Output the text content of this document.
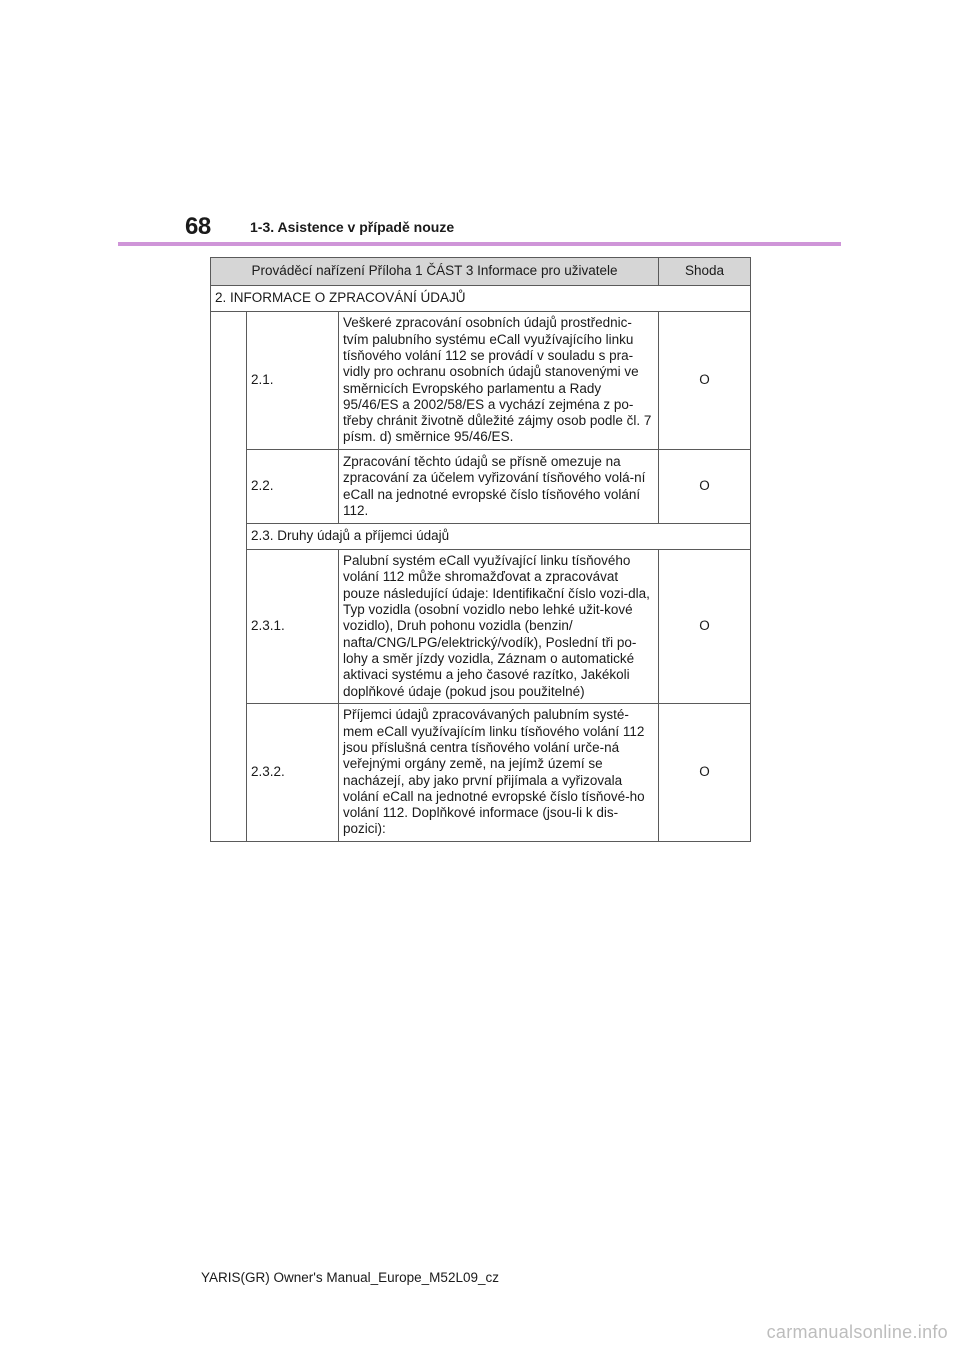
68	1-3. Asistence v případě nouze
Prováděcí nařízení Příloha 1 ČÁST 3 Informace pro uživatele			Shoda
2. INFORMACE O ZPRACOVÁNÍ ÚDAJŮ			
	2.1.	Veškeré zpracování osobních údajů prostřednic-tvím palubního systému eCall využívajícího linku tísňového volání 112 se provádí v souladu s pra-vidly pro ochranu osobních údajů stanovenými ve směrnicích Evropského parlamentu a Rady 95/46/ES a 2002/58/ES a vychází zejména z po-třeby chránit životně důležité zájmy osob podle čl. 7 písm. d) směrnice 95/46/ES.	O
	2.2.	Zpracování těchto údajů se přísně omezuje na zpracování za účelem vyřizování tísňového volá-ní eCall na jednotné evropské číslo tísňového volání 112.	O
	2.3. Druhy údajů a příjemci údajů		
	2.3.1.	Palubní systém eCall využívající linku tísňového volání 112 může shromažďovat a zpracovávat pouze následující údaje: Identifikační číslo vozi-dla, Typ vozidla (osobní vozidlo nebo lehké užit-kové vozidlo), Druh pohonu vozidla (benzin/ nafta/CNG/LPG/elektrický/vodík), Poslední tři po-lohy a směr jízdy vozidla, Záznam o automatické aktivaci systému a jeho časové razítko, Jakékoli doplňkové údaje (pokud jsou použitelné)	O
	2.3.2.	Příjemci údajů zpracovávaných palubním systé-mem eCall využívajícím linku tísňového volání 112 jsou příslušná centra tísňového volání urče-ná veřejnými orgány země, na jejímž území se nacházejí, aby jako první přijímala a vyřizovala volání eCall na jednotné evropské číslo tísňové-ho volání 112. Doplňkové informace (jsou-li k dis-pozici):	O
YARIS(GR) Owner's Manual_Europe_M52L09_cz
carmanualsonline.info
